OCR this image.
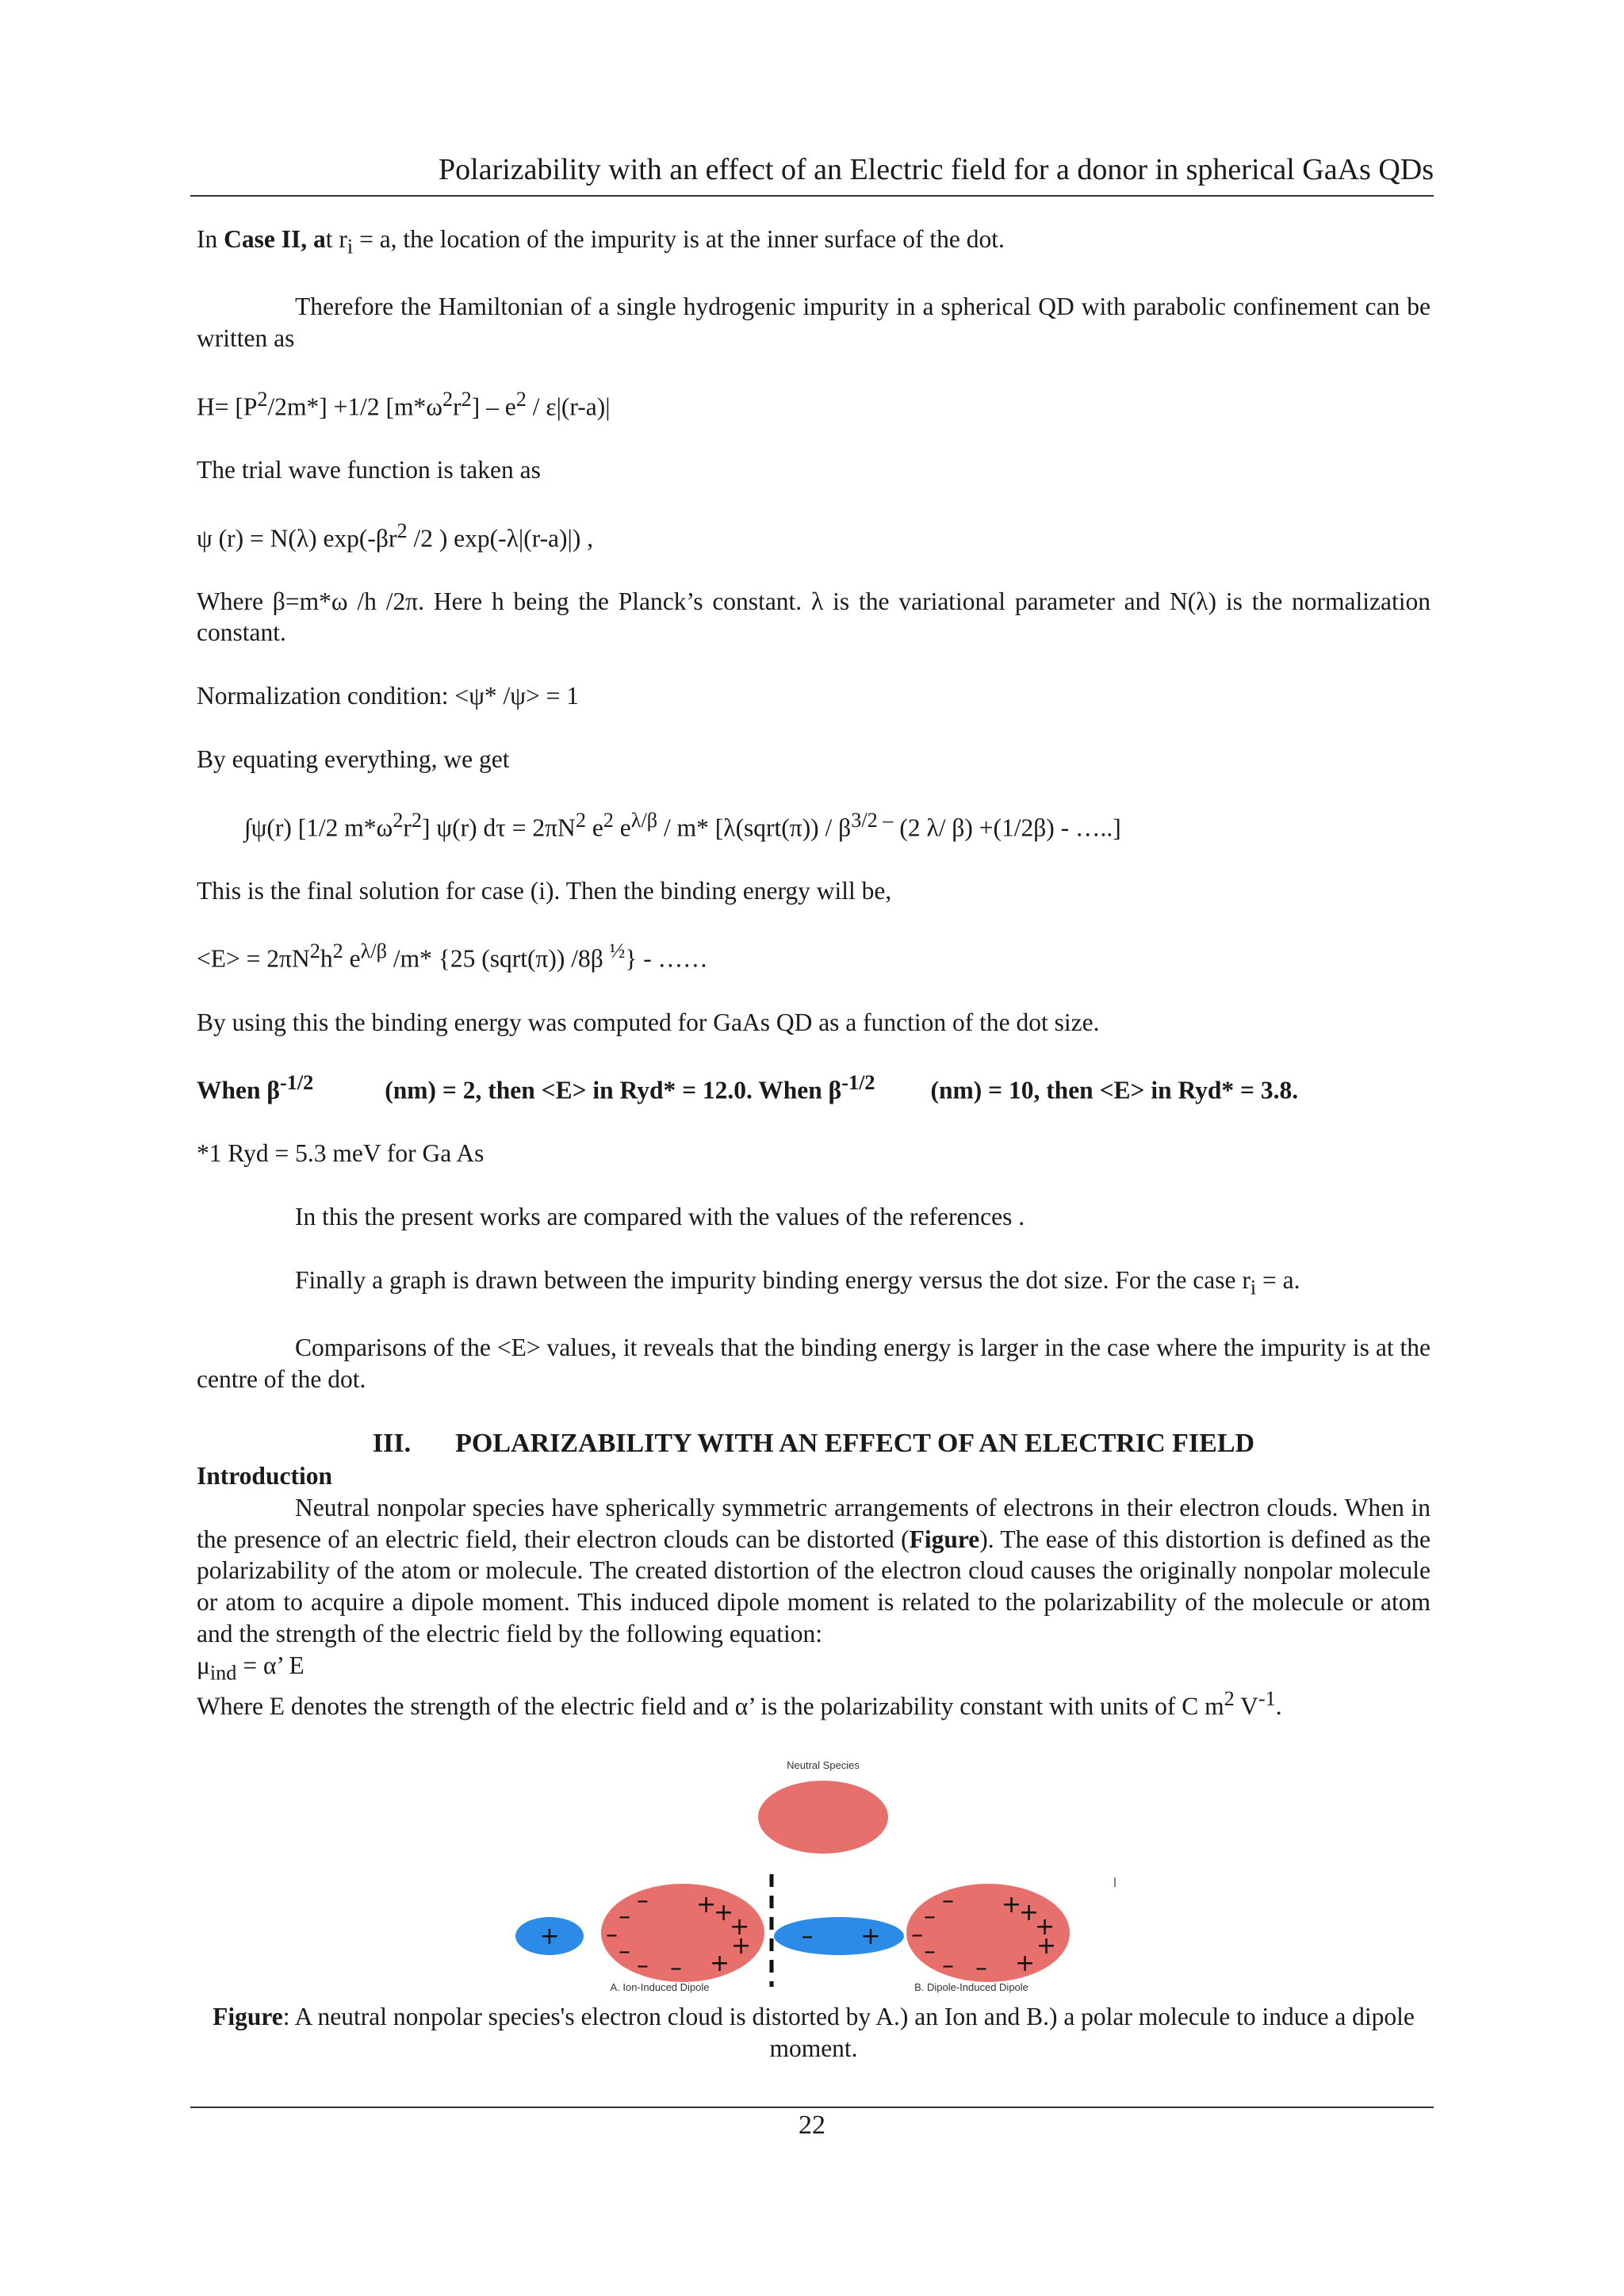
Polarizability with an effect of an Electric field for a donor in spherical GaAs QDs

In Case II, at $r_i = a$, the location of the impurity is at the inner surface of the dot.

Therefore the Hamiltonian of a single hydrogenic impurity in a spherical QD with parabolic confinement can be written as

$H= [P^2/2m*] +1/2$ $[m*\omega^2r^2] - e^2 / \varepsilon|(r-a)|$

The trial wave function is taken as

ψ (r) = N(λ) $\exp(-\beta r^2$ /2 ) exp(-λ|(r-a)|) ,

Where β=m*ω /h /2π. Here h being the Planck’s constant. λ is the variational parameter and N(λ) is the normalization constant.

Normalization condition: <ψ* /ψ> = 1

By equating everything, we get

∫ψ(r) [1/2 $m*\omega^2r^2$] ψ(r) $d\tau = 2\pi N^2$ $e^2$ $e^{\lambda/\beta} / m*$ [λ(sqrt(π)) / $\beta^{3/2 -}$ (2 λ/ β) +(1/2β) - …..]

This is the final solution for case (i). Then the binding energy will be,

$<E> = 2\pi N^2h^2$ $e^{\lambda/\beta}$ /m* {25 (sqrt(π)) /8β $^{\frac{1}{2}}$} - ……

By using this the binding energy was computed for GaAs QD as a function of the dot size.

When $\beta^{-1/2}$	(nm) = 2, then <E> in Ryd* = 12.0. When $\beta^{-1/2}$ (nm) = 10, then <E> in Ryd* = 3.8.

*1 Ryd = 5.3 meV for Ga As

In this the present works are compared with the values of the references .

Finally a graph is drawn between the impurity binding energy versus the dot size. For the case $r_i = a$.

Comparisons of the <E> values, it reveals that the binding energy is larger in the case where the impurity is at the centre of the dot.

III. POLARIZABILITY WITH AN EFFECT OF AN ELECTRIC FIELD

Introduction

Neutral nonpolar species have spherically symmetric arrangements of electrons in their electron clouds. When in the presence of an electric field, their electron clouds can be distorted (Figure). The ease of this distortion is defined as the polarizability of the atom or molecule. The created distortion of the electron cloud causes the originally nonpolar molecule or atom to acquire a dipole moment. This induced dipole moment is related to the polarizability of the molecule or atom and the strength of the electric field by the following equation:

$\mu_{ind} = \alpha$’ E

Where E denotes the strength of the electric field and α’ is the polarizability constant with units of C $m^2$ $V^{-1}$.

Neutral Species
+
–
–
–
–
– –
+
+
+
+
+
A. Ion-Induced Dipole
– +
–
–
–
–
– –
+
+
+
+
+
B. Dipole-Induced Dipole
Figure: A neutral nonpolar species's electron cloud is distorted by A.) an Ion and B.) a polar molecule to induce a dipole moment.
22
